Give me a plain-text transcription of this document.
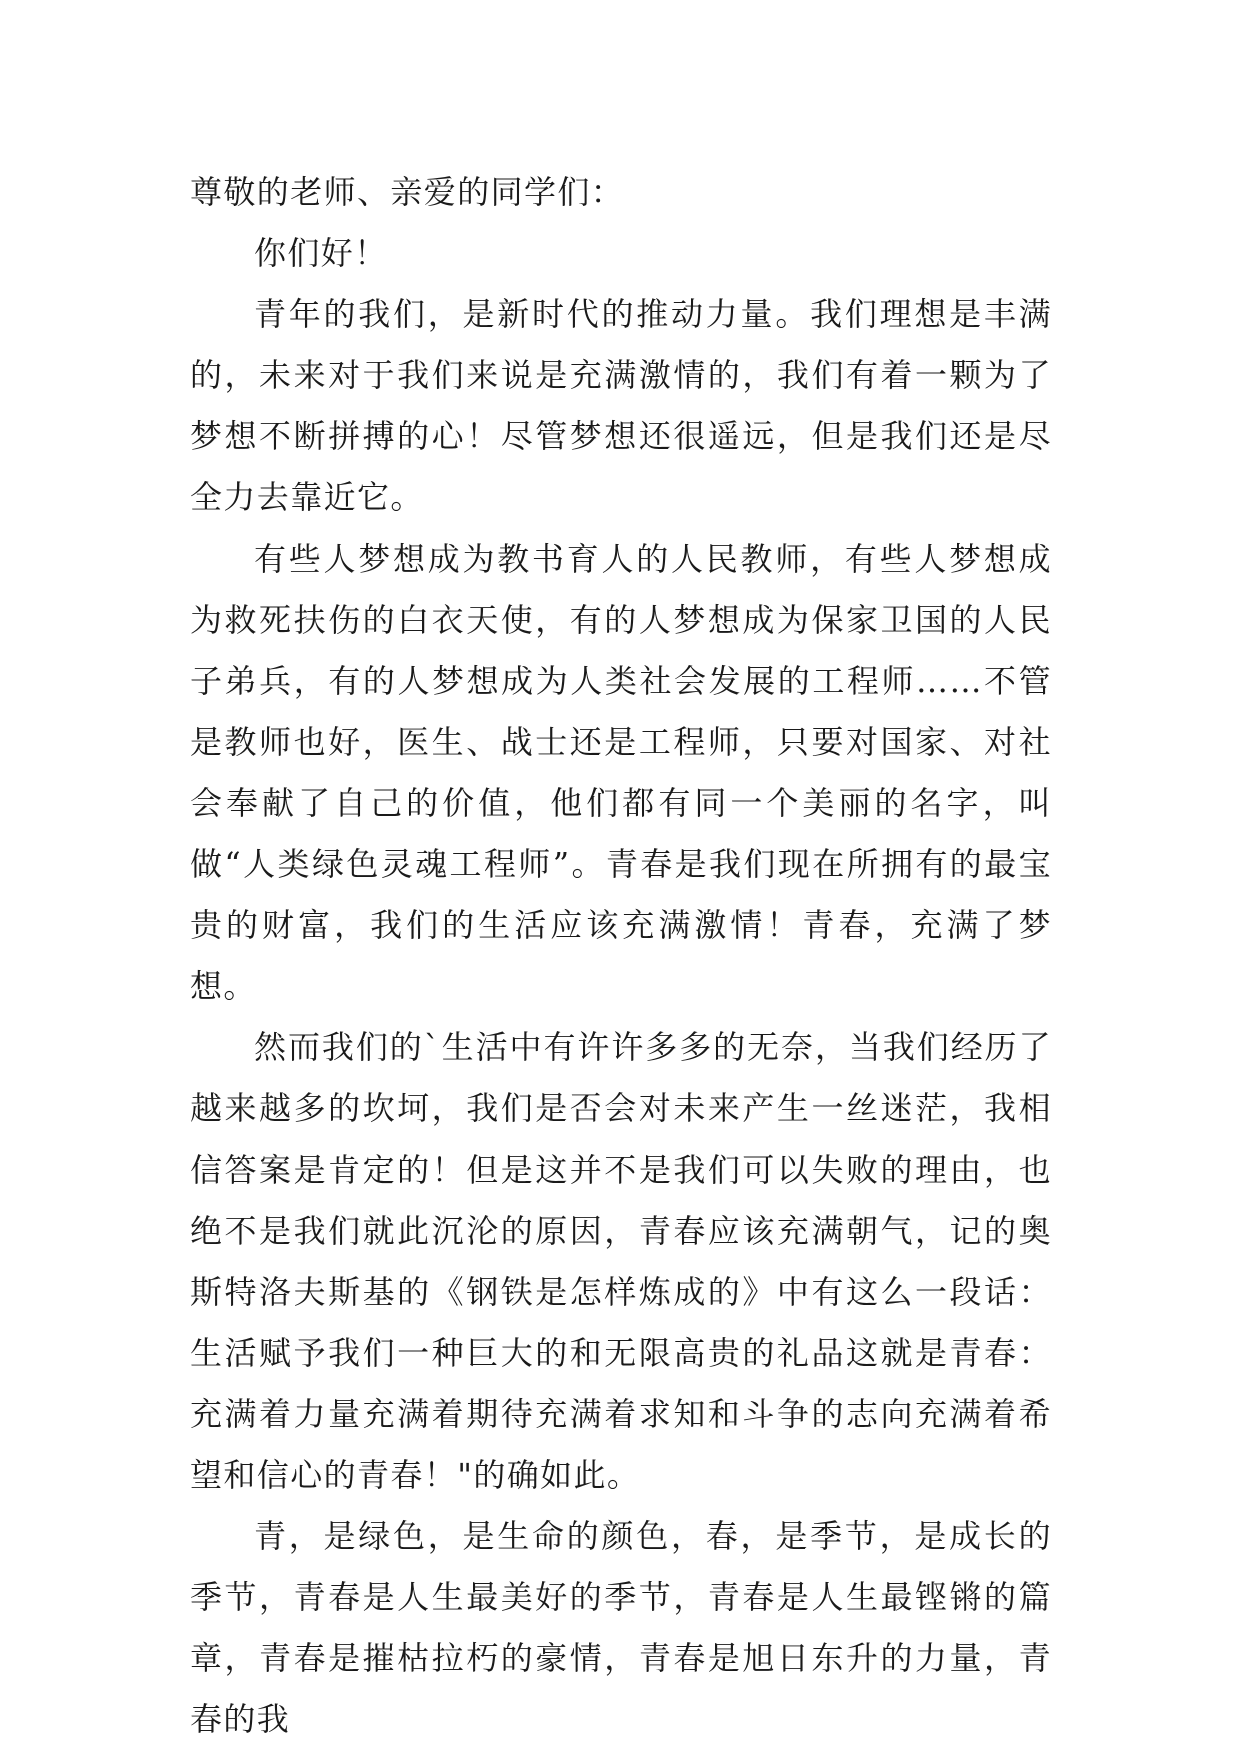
尊敬的老师、亲爱的同学们：

你们好！

青年的我们，是新时代的推动力量。我们理想是丰满的，未来对于我们来说是充满激情的，我们有着一颗为了梦想不断拼搏的心！尽管梦想还很遥远，但是我们还是尽全力去靠近它。

有些人梦想成为教书育人的人民教师，有些人梦想成为救死扶伤的白衣天使，有的人梦想成为保家卫国的人民子弟兵，有的人梦想成为人类社会发展的工程师……不管是教师也好，医生、战士还是工程师，只要对国家、对社会奉献了自己的价值，他们都有同一个美丽的名字，叫做“人类绿色灵魂工程师”。青春是我们现在所拥有的最宝贵的财富，我们的生活应该充满激情！青春，充满了梦想。

然而我们的`生活中有许许多多的无奈，当我们经历了越来越多的坎坷，我们是否会对未来产生一丝迷茫，我相信答案是肯定的！但是这并不是我们可以失败的理由，也绝不是我们就此沉沦的原因，青春应该充满朝气，记的奥斯特洛夫斯基的《钢铁是怎样炼成的》中有这么一段话：生活赋予我们一种巨大的和无限高贵的礼品这就是青春：充满着力量充满着期待充满着求知和斗争的志向充满着希望和信心的青春！"的确如此。

青，是绿色，是生命的颜色，春，是季节，是成长的季节，青春是人生最美好的季节，青春是人生最铿锵的篇章，青春是摧枯拉朽的豪情，青春是旭日东升的力量，青春的我
